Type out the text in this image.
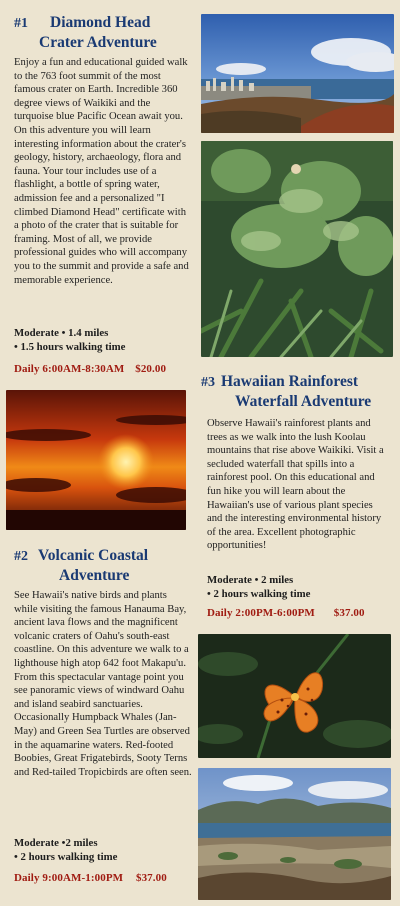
#1 Diamond Head
Crater Adventure

Enjoy a fun and educational guided walk to the 763 foot summit of the most famous crater on Earth. Incredible 360 degree views of Waikiki and the turquoise blue Pacific Ocean await you. On this adventure you will learn interesting information about the crater's geology, history, archaeology, flora and fauna. Your tour includes use of a flashlight, a bottle of spring water, admission fee and a personalized "I climbed Diamond Head" certificate with a photo of the crater that is suitable for framing. Most of all, we provide professional guides who will accompany you to the summit and provide a safe and memorable experience.

Moderate • 1.4 miles
• 1.5 hours walking time
Daily 6:00AM-8:30AM $20.00
#3 Hawaiian Rainforest
Waterfall Adventure

Observe Hawaii's rainforest plants and trees as we walk into the lush Koolau mountains that rise above Waikiki. Visit a secluded waterfall that spills into a rainforest pool. On this educational and fun hike you will learn about the Hawaiian's use of various plant species and the interesting environmental history of the area. Excellent photographic opportunities!

Moderate • 2 miles
• 2 hours walking time
Daily 2:00PM-6:00PM $37.00
#2 Volcanic Coastal
Adventure

See Hawaii's native birds and plants while visiting the famous Hanauma Bay, ancient lava flows and the magnificent volcanic craters of Oahu's south-east coastline. On this adventure we walk to a lighthouse high atop 642 foot Makapu'u. From this spectacular vantage point you see panoramic views of windward Oahu and island seabird sanctuaries. Occasionally Humpback Whales (Jan-May) and Green Sea Turtles are observed in the aquamarine waters. Red-footed Boobies, Great Frigatebirds, Sooty Terns and Red-tailed Tropicbirds are often seen.

Moderate •2 miles
• 2 hours walking time
Daily 9:00AM-1:00PM $37.00
